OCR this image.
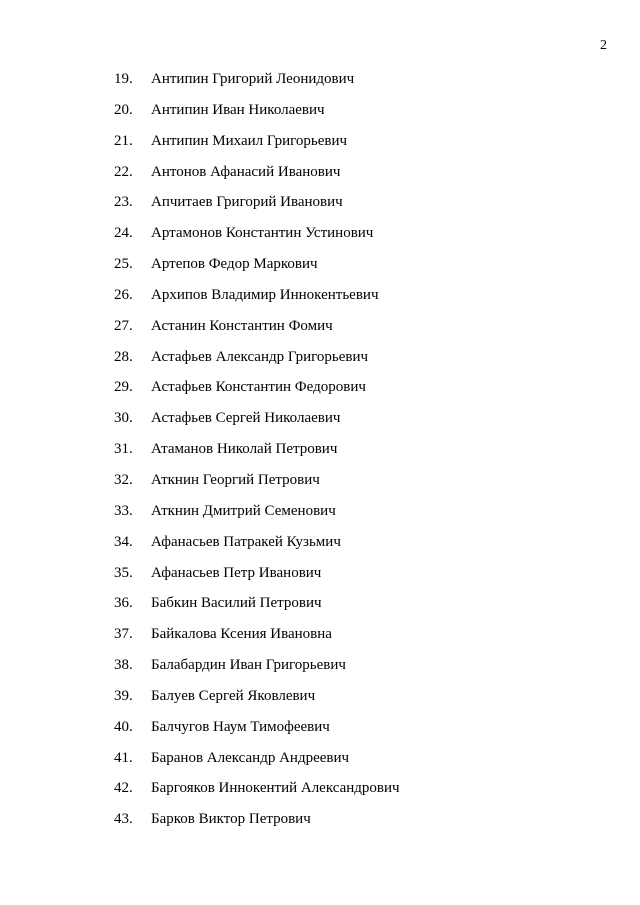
2
19.	Антипин Григорий Леонидович
20.	Антипин Иван Николаевич
21.	Антипин Михаил Григорьевич
22.	Антонов Афанасий Иванович
23.	Апчитаев Григорий Иванович
24.	Артамонов Константин Устинович
25.	Артепов Федор Маркович
26.	Архипов Владимир Иннокентьевич
27.	Астанин Константин Фомич
28.	Астафьев Александр Григорьевич
29.	Астафьев Константин Федорович
30.	Астафьев Сергей Николаевич
31.	Атаманов Николай Петрович
32.	Аткнин Георгий Петрович
33.	Аткнин Дмитрий Семенович
34.	Афанасьев Патракей Кузьмич
35.	Афанасьев Петр Иванович
36.	Бабкин Василий Петрович
37.	Байкалова Ксения Ивановна
38.	Балабардин Иван Григорьевич
39.	Балуев Сергей Яковлевич
40.	Балчугов Наум Тимофеевич
41.	Баранов Александр Андреевич
42.	Баргояков Иннокентий Александрович
43.	Барков Виктор Петрович
